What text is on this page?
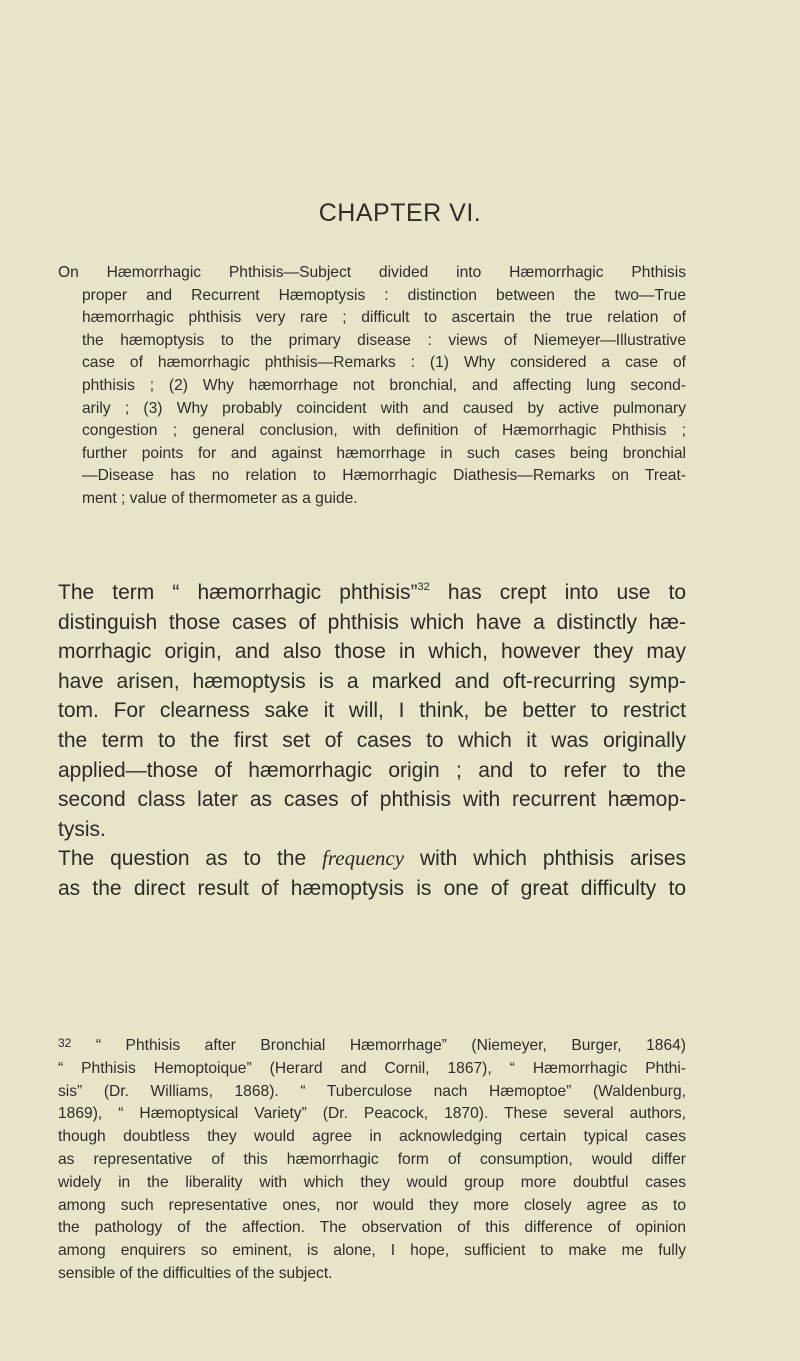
CHAPTER VI.
On Hæmorrhagic Phthisis—Subject divided into Hæmorrhagic Phthisis
proper and Recurrent Hæmoptysis : distinction between the two—True
hæmorrhagic phthisis very rare ; difficult to ascertain the true relation of
the hæmoptysis to the primary disease : views of Niemeyer—Illustrative
case of hæmorrhagic phthisis—Remarks : (1) Why considered a case of
phthisis ; (2) Why hæmorrhage not bronchial, and affecting lung second-
arily ; (3) Why probably coincident with and caused by active pulmonary
congestion ; general conclusion, with definition of Hæmorrhagic Phthisis ;
further points for and against hæmorrhage in such cases being bronchial
—Disease has no relation to Hæmorrhagic Diathesis—Remarks on Treat-
ment ; value of thermometer as a guide.
The term “ hæmorrhagic phthisis”$^{32}$ has crept into use to
distinguish those cases of phthisis which have a distinctly hæ-
morrhagic origin, and also those in which, however they may
have arisen, hæmoptysis is a marked and oft-recurring symp-
tom. For clearness sake it will, I think, be better to restrict
the term to the first set of cases to which it was originally
applied—those of hæmorrhagic origin ; and to refer to the
second class later as cases of phthisis with recurrent hæmop-
tysis.
The question as to the frequency with which phthisis arises
as the direct result of hæmoptysis is one of great difficulty to
32 “ Phthisis after Bronchial Hæmorrhage” (Niemeyer, Burger, 1864)
“ Phthisis Hemoptoique” (Herard and Cornil, 1867), “ Hæmorrhagic Phthi-
sis” (Dr. Williams, 1868). “ Tuberculose nach Hæmoptoe” (Waldenburg,
1869), “ Hæmoptysical Variety” (Dr. Peacock, 1870). These several authors,
though doubtless they would agree in acknowledging certain typical cases
as representative of this hæmorrhagic form of consumption, would differ
widely in the liberality with which they would group more doubtful cases
among such representative ones, nor would they more closely agree as to
the pathology of the affection. The observation of this difference of opinion
among enquirers so eminent, is alone, I hope, sufficient to make me fully
sensible of the difficulties of the subject.
